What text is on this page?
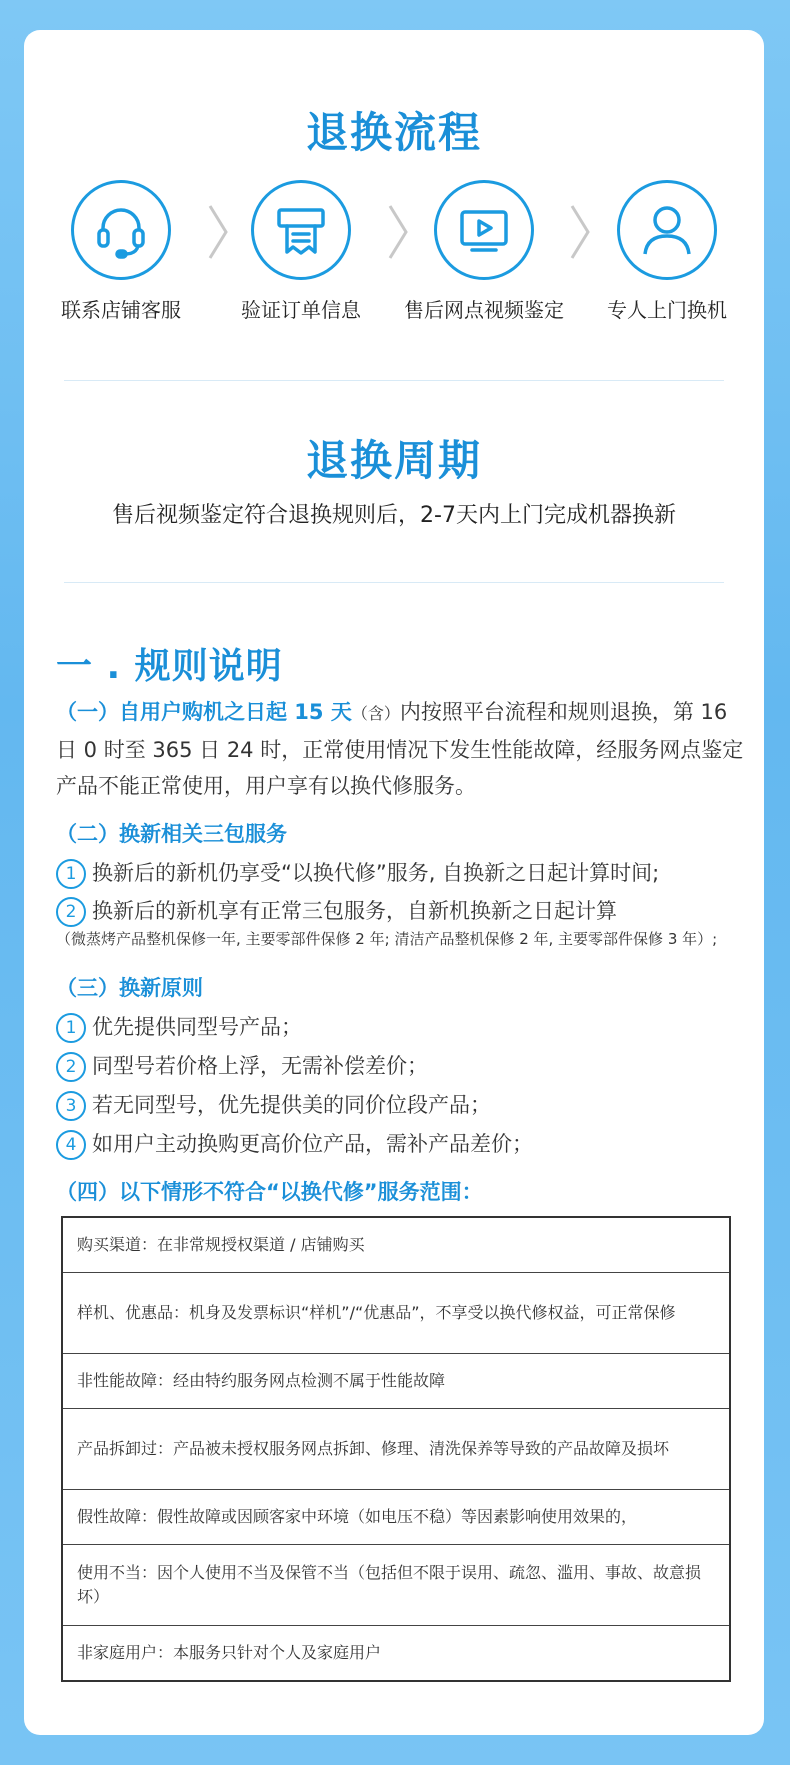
退换流程
联系店铺客服	验证订单信息	售后网点视频鉴定	专人上门换机
退换周期
售后视频鉴定符合退换规则后，2-7天内上门完成机器换新
一 . 规则说明
（一）自用户购机之日起 15 天（含）内按照平台流程和规则退换，第 16 日 0 时至 365 日 24 时，正常使用情况下发生性能故障，经服务网点鉴定产品不能正常使用，用户享有以换代修服务。
（二）换新相关三包服务
1 换新后的新机仍享受“以换代修”服务, 自换新之日起计算时间;
2 换新后的新机享有正常三包服务，自新机换新之日起计算
（微蒸烤产品整机保修一年, 主要零部件保修 2 年; 清洁产品整机保修 2 年, 主要零部件保修 3 年）;
（三）换新原则
1 优先提供同型号产品；
2 同型号若价格上浮，无需补偿差价；
3 若无同型号，优先提供美的同价位段产品；
4 如用户主动换购更高价位产品，需补产品差价；
（四）以下情形不符合“以换代修”服务范围：
购买渠道：在非常规授权渠道 / 店铺购买
样机、优惠品：机身及发票标识“样机”/“优惠品”，不享受以换代修权益，可正常保修
非性能故障：经由特约服务网点检测不属于性能故障
产品拆卸过：产品被未授权服务网点拆卸、修理、清洗保养等导致的产品故障及损坏
假性故障：假性故障或因顾客家中环境（如电压不稳）等因素影响使用效果的，
使用不当：因个人使用不当及保管不当（包括但不限于误用、疏忽、滥用、事故、故意损坏）
非家庭用户：本服务只针对个人及家庭用户
